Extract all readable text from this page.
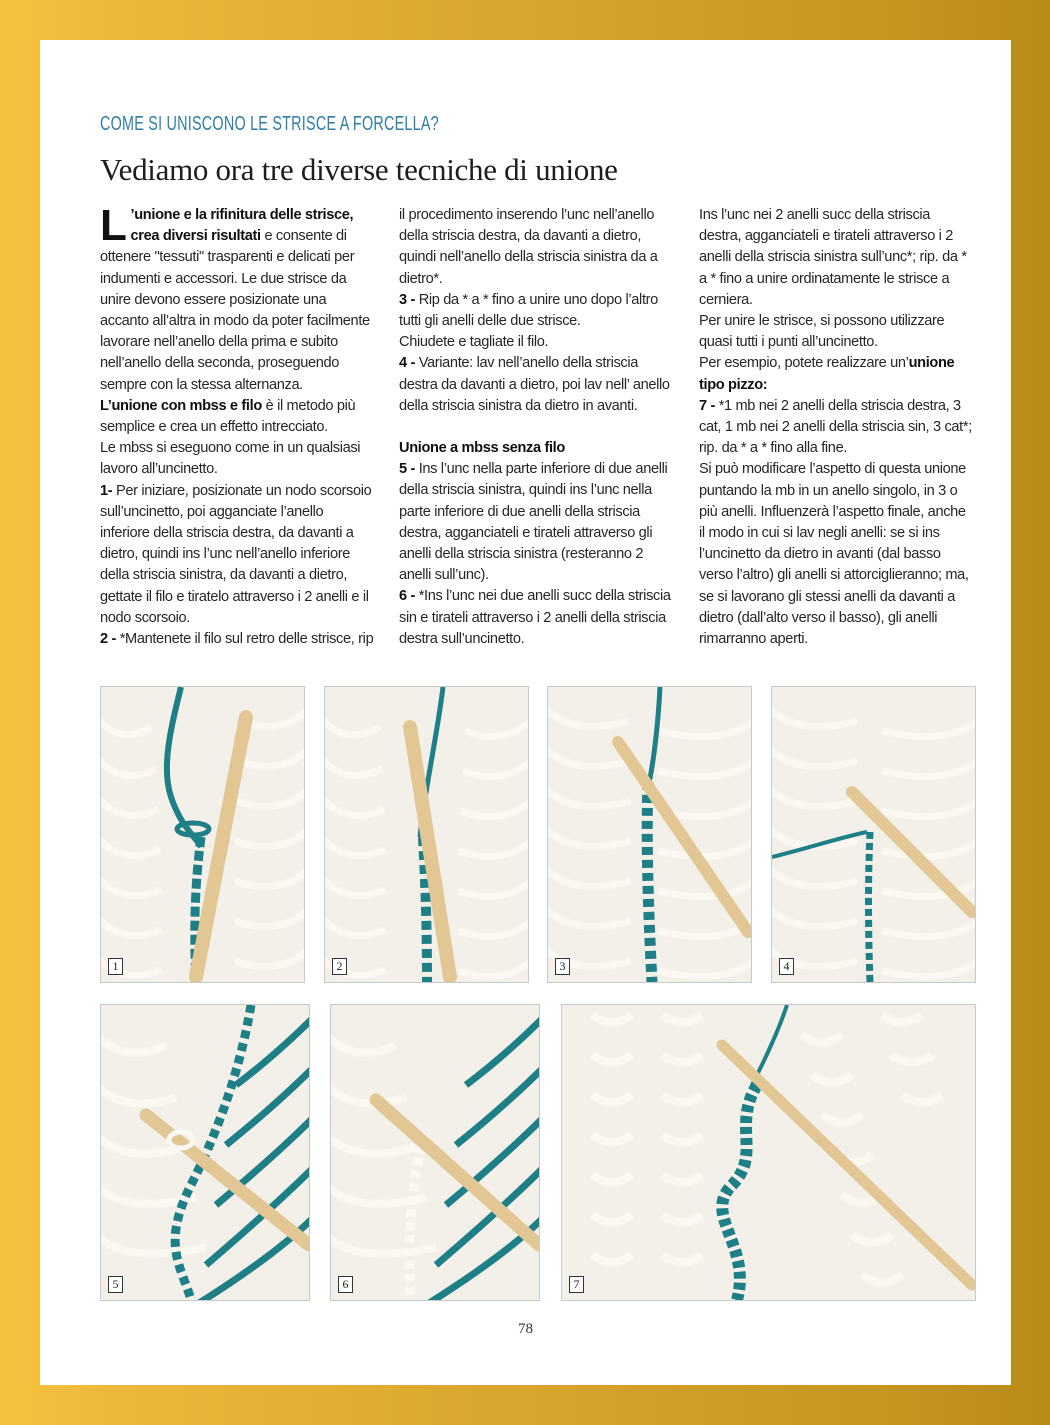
COME SI UNISCONO LE STRISCE A FORCELLA?

Vediamo ora tre diverse tecniche di unione

L ’unione e la rifinitura delle strisce, crea diversi risultati e consente di ottenere "tessuti" trasparenti e delicati per indumenti e accessori. Le due strisce da unire devono essere posizionate una accanto all’altra in modo da poter facilmente lavorare nell’anello della prima e subito nell’anello della seconda, proseguendo sempre con la stessa alternanza.

L’unione con mbss e filo è il metodo più semplice e crea un effetto intrecciato.

Le mbss si eseguono come in un qualsiasi lavoro all’uncinetto.

1- Per iniziare, posizionate un nodo scorsoio sull’uncinetto, poi agganciate l’anello inferiore della striscia destra, da davanti a dietro, quindi ins l’unc nell’anello inferiore della striscia sinistra, da davanti a dietro, gettate il filo e tiratelo attraverso i 2 anelli e il nodo scorsoio.

2 - *Mantenete il filo sul retro delle strisce, rip

il procedimento inserendo l’unc nell’anello della striscia destra, da davanti a dietro, quindi nell’anello della striscia sinistra da a dietro*.

3 - Rip da * a * fino a unire uno dopo l’altro tutti gli anelli delle due strisce.

Chiudete e tagliate il filo.

4 - Variante: lav nell’anello della striscia destra da davanti a dietro, poi lav nell’ anello della striscia sinistra da dietro in avanti.

Unione a mbss senza filo

5 - Ins l’unc nella parte inferiore di due anelli della striscia sinistra, quindi ins l’unc nella parte inferiore di due anelli della striscia destra, agganciateli e tirateli attraverso gli anelli della striscia sinistra (resteranno 2 anelli sull’unc).

6 - *Ins l’unc nei due anelli succ della striscia sin e tirateli attraverso i 2 anelli della striscia destra sull’uncinetto.

Ins l’unc nei 2 anelli succ della striscia destra, agganciateli e tirateli attraverso i 2 anelli della striscia sinistra sull’unc*; rip. da * a * fino a unire ordinatamente le strisce a cerniera.

Per unire le strisce, si possono utilizzare quasi tutti i punti all’uncinetto.

Per esempio, potete realizzare un’unione tipo pizzo:

7 - *1 mb nei 2 anelli della striscia destra, 3 cat, 1 mb nei 2 anelli della striscia sin, 3 cat*; rip. da * a * fino alla fine.

Si può modificare l’aspetto di questa unione puntando la mb in un anello singolo, in 3 o più anelli. Influenzerà l’aspetto finale, anche il modo in cui si lav negli anelli: se si ins l’uncinetto da dietro in avanti (dal basso verso l’altro) gli anelli si attorciglieranno; ma, se si lavorano gli stessi anelli da davanti a dietro (dall’alto verso il basso), gli anelli rimarranno aperti.

1	2	3	4
5	6	7

78
